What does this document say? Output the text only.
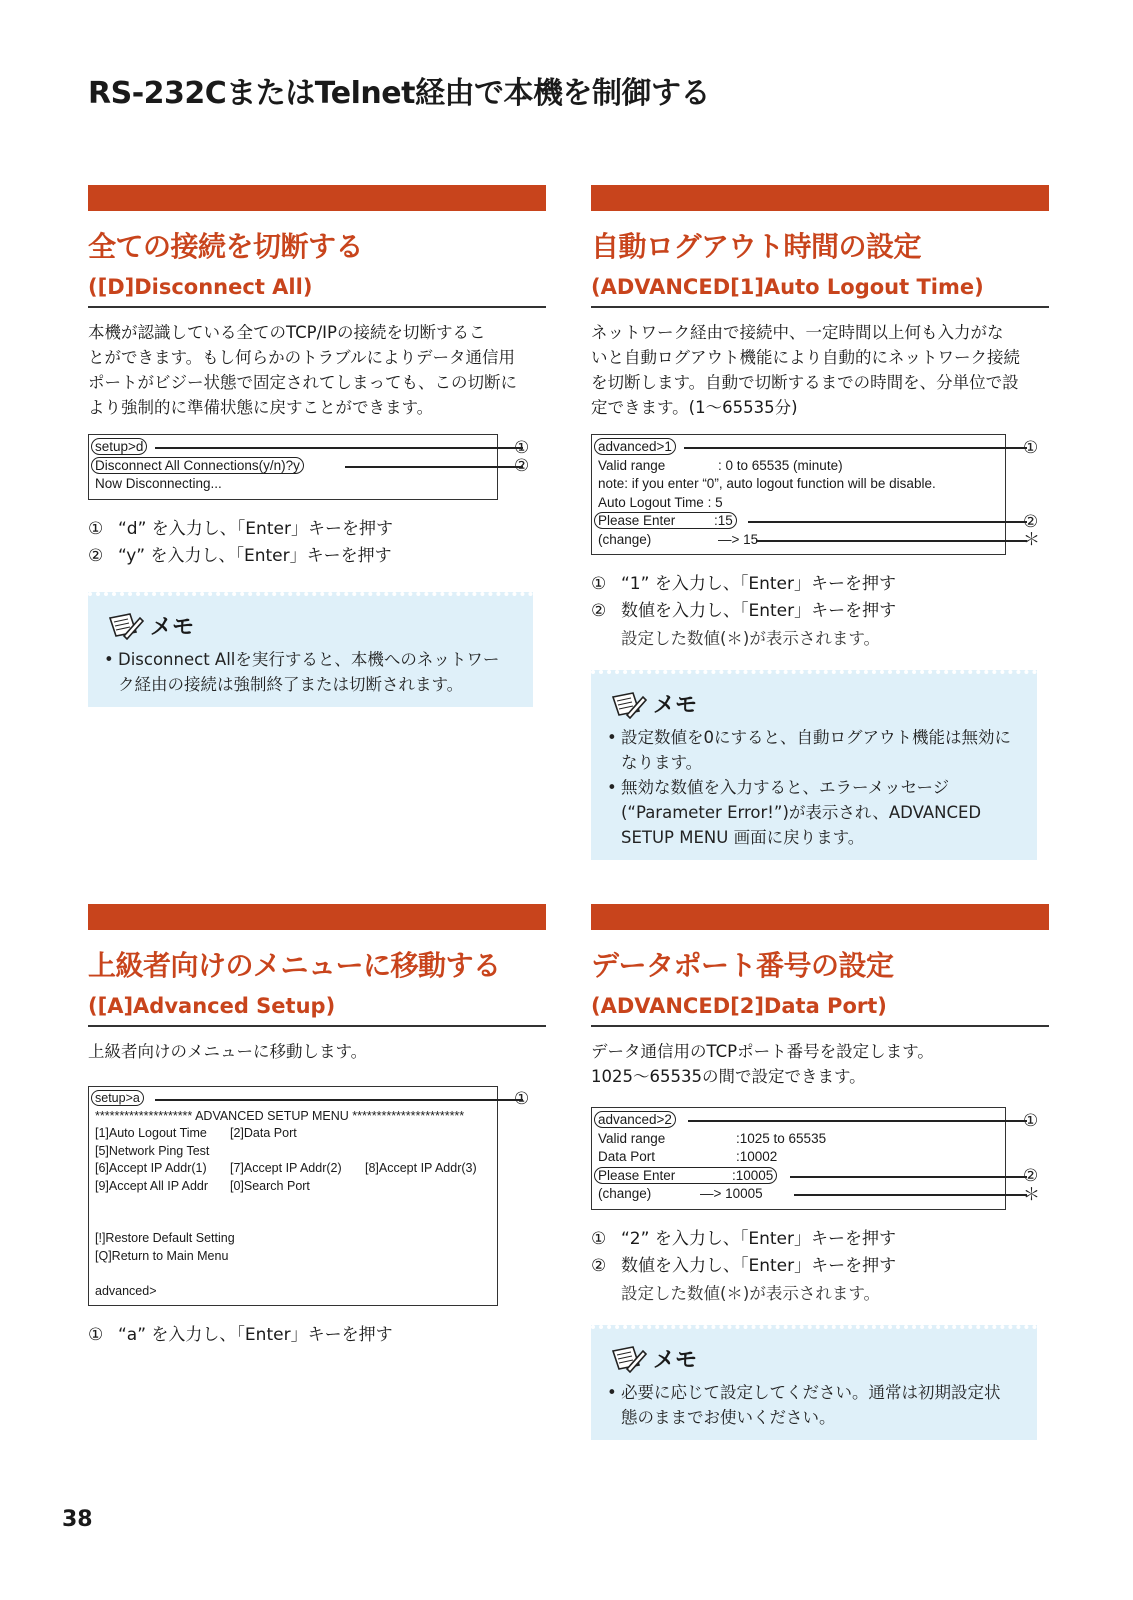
RS-232CまたはTelnet経由で本機を制御する
全ての接続を切断する
([D]Disconnect All)

本機が認識している全てのTCP/IPの接続を切断するこ

とができます。もし何らかのトラブルによりデータ通信用

ポートがビジー状態で固定されてしまっても、この切断に

より強制的に準備状態に戻すことができます。

setup>d
Disconnect All Connections(y/n)?y
Now Disconnecting...
①
②
① “d” を入力し、「Enter」キーを押す
② “y” を入力し、「Enter」キーを押す
メモ
• Disconnect Allを実行すると、本機へのネットワー
ク経由の接続は強制終了または切断されます。
自動ログアウト時間の設定
(ADVANCED[1]Auto Logout Time)

ネットワーク経由で接続中、一定時間以上何も入力がな

いと自動ログアウト機能により自動的にネットワーク接続

を切断します。自動で切断するまでの時間を、分単位で設

定できます。(1〜65535分)

advanced>1
Valid range	: 0 to 65535 (minute)
note: if you enter “0”, auto logout function will be disable.
Auto Logout Time : 5
Please Enter	:15
(change)	—> 15
①
②
＊
① “1” を入力し、「Enter」キーを押す
② 数値を入力し、「Enter」キーを押す
設定した数値(＊)が表示されます。
メモ
• 設定数値を0にすると、自動ログアウト機能は無効に
なります。
• 無効な数値を入力すると、エラーメッセージ
(“Parameter Error!”)が表示され、ADVANCED
SETUP MENU 画面に戻ります。
上級者向けのメニューに移動する
([A]Advanced Setup)

上級者向けのメニューに移動します。

setup>a
******************** ADVANCED SETUP MENU ***********************
[1]Auto Logout Time [2]Data Port
[5]Network Ping Test
[6]Accept IP Addr(1) [7]Accept IP Addr(2) [8]Accept IP Addr(3)
[9]Accept All IP Addr [0]Search Port
[!]Restore Default Setting
[Q]Return to Main Menu
advanced>
①
① “a” を入力し、「Enter」キーを押す
データポート番号の設定
(ADVANCED[2]Data Port)

データ通信用のTCPポート番号を設定します。

1025〜65535の間で設定できます。

advanced>2
Valid range	:1025 to 65535
Data Port	:10002
Please Enter	:10005
(change)	—> 10005
①
②
＊
① “2” を入力し、「Enter」キーを押す
② 数値を入力し、「Enter」キーを押す
設定した数値(＊)が表示されます。
メモ
• 必要に応じて設定してください。通常は初期設定状
態のままでお使いください。
38
